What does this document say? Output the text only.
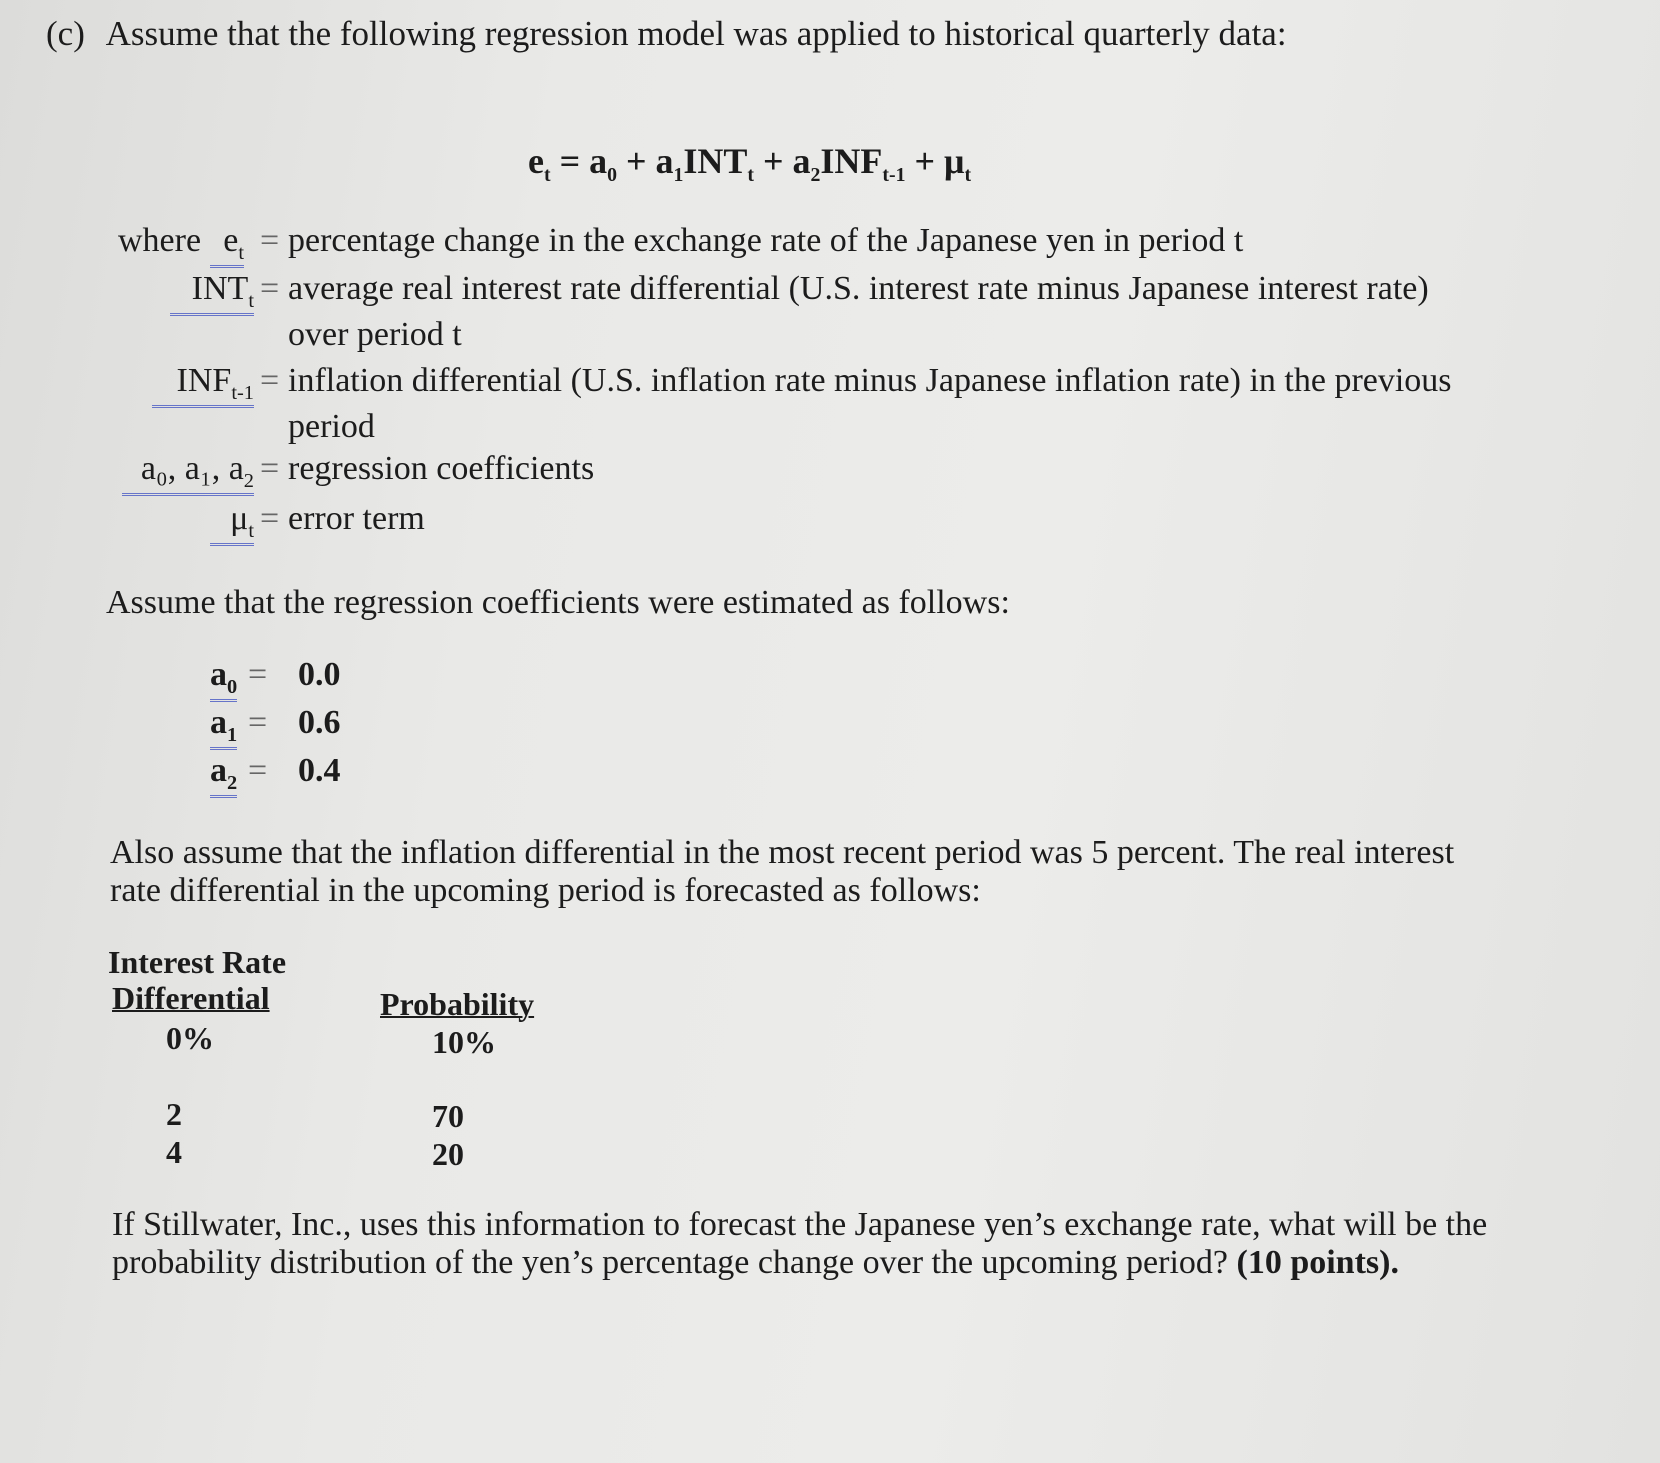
(c) Assume that the following regression model was applied to historical quarterly data:
$e_t = a_0 + a_1INT_t + a_2INF_{t-1} + \mu_t$
where $e_t$ = percentage change in the exchange rate of the Japanese yen in period t
$INT_t$ = average real interest rate differential (U.S. interest rate minus Japanese interest rate)
over period t
$INF_{t-1}$ = inflation differential (U.S. inflation rate minus Japanese inflation rate) in the previous
period
a₀, a₁, $a_2$ = regression coefficients
$\mu_t$ = error term
Assume that the regression coefficients were estimated as follows:
$a_0 = 0.0$
$a_1 = 0.6$
$a_2 = 0.4$
Also assume that the inflation differential in the most recent period was 5 percent. The real interest
rate differential in the upcoming period is forecasted as follows:
Interest Rate
Differential	Probability
0%	10%
2	70
4	20
If Stillwater, Inc., uses this information to forecast the Japanese yen’s exchange rate, what will be the
probability distribution of the yen’s percentage change over the upcoming period? (10 points).
